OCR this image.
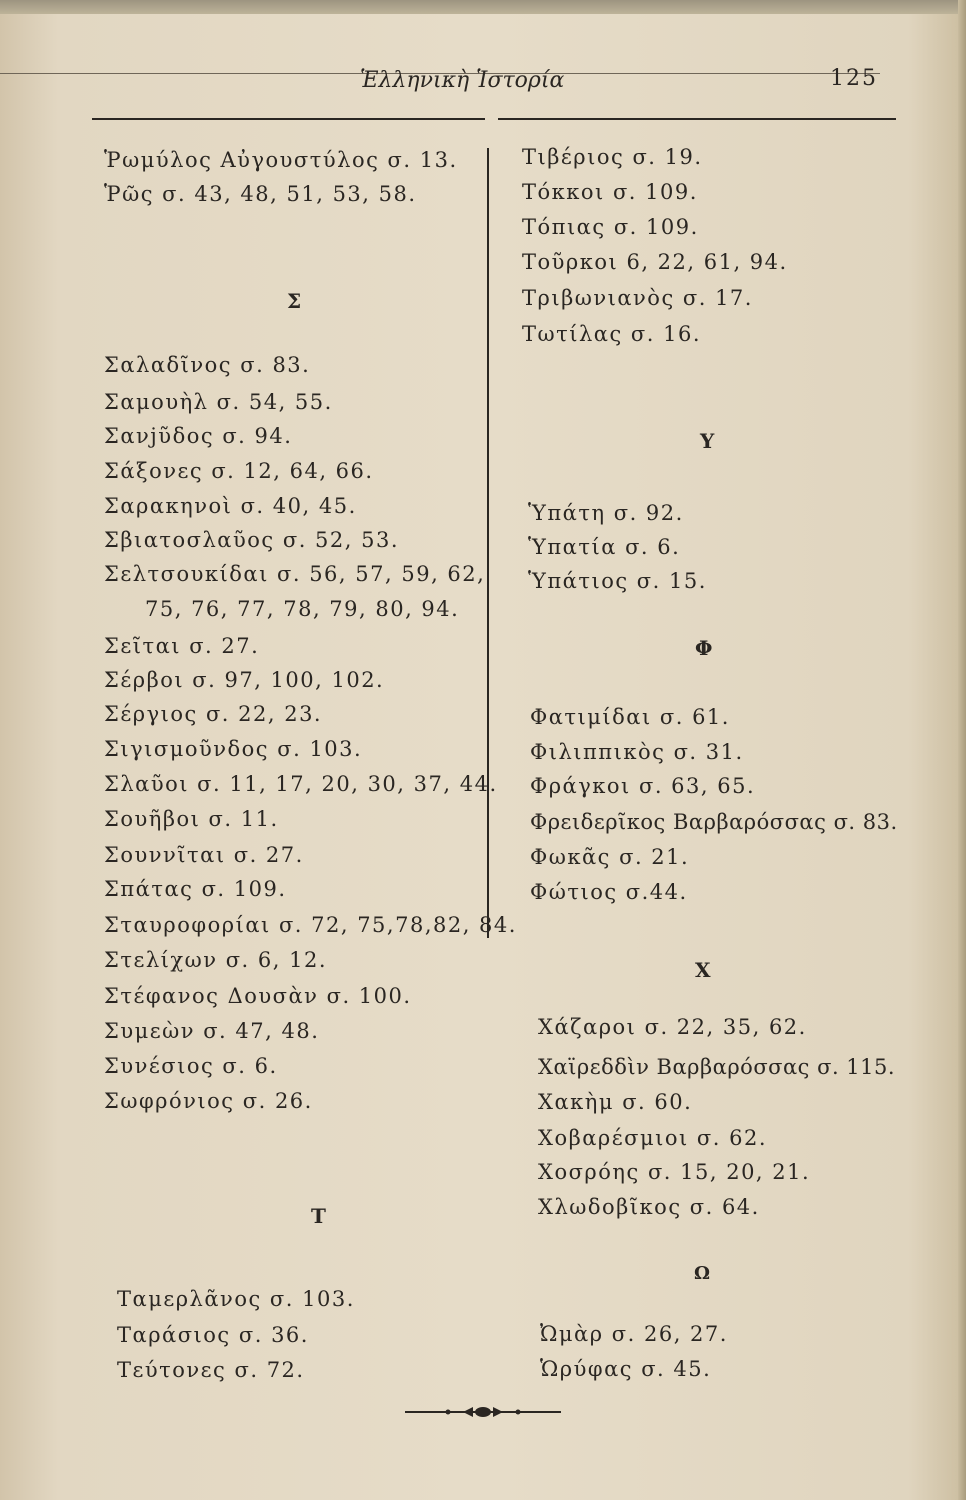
Ἑλληνικὴ Ἱστορία	125
Ῥωμύλος Αὐγουστύλος σ. 13.
Ῥῶς σ. 43, 48, 51, 53, 58.
Σ
Σαλαδῖνος σ. 83.
Σαμουὴλ σ. 54, 55.
Σανjῦδος σ. 94.
Σάξονες σ. 12, 64, 66.
Σαρακηνοὶ σ. 40, 45.
Σβιατοσλαῦος σ. 52, 53.
Σελτσουκίδαι σ. 56, 57, 59, 62,
75, 76, 77, 78, 79, 80, 94.
Σεῖται σ. 27.
Σέρβοι σ. 97, 100, 102.
Σέργιος σ. 22, 23.
Σιγισμοῦνδος σ. 103.
Σλαῦοι σ. 11, 17, 20, 30, 37, 44.
Σουῆβοι σ. 11.
Σουννῖται σ. 27.
Σπάτας σ. 109.
Σταυροφορίαι σ. 72, 75,78,82, 84.
Στελίχων σ. 6, 12.
Στέφανος Δουσὰν σ. 100.
Συμεὼν σ. 47, 48.
Συνέσιος σ. 6.
Σωφρόνιος σ. 26.
Τ
Ταμερλᾶνος σ. 103.
Ταράσιος σ. 36.
Τεύτονες σ. 72.
Τιβέριος σ. 19.
Τόκκοι σ. 109.
Τόπιας σ. 109.
Τοῦρκοι 6, 22, 61, 94.
Τριβωνιανὸς σ. 17.
Τωτίλας σ. 16.
Υ
Ὑπάτη σ. 92.
Ὑπατία σ. 6.
Ὑπάτιος σ. 15.
Φ
Φατιμίδαι σ. 61.
Φιλιππικὸς σ. 31.
Φράγκοι σ. 63, 65.
Φρειδερῖκος Βαρβαρόσσας σ. 83.
Φωκᾶς σ. 21.
Φώτιος σ.44.
Χ
Χάζαροι σ. 22, 35, 62.
Χαϊρεδδὶν Βαρβαρόσσας σ. 115.
Χακὴμ σ. 60.
Χοβαρέσμιοι σ. 62.
Χοσρόης σ. 15, 20, 21.
Χλωδοβῖκος σ. 64.
Ω
Ὠμὰρ σ. 26, 27.
Ὡρύφας σ. 45.
